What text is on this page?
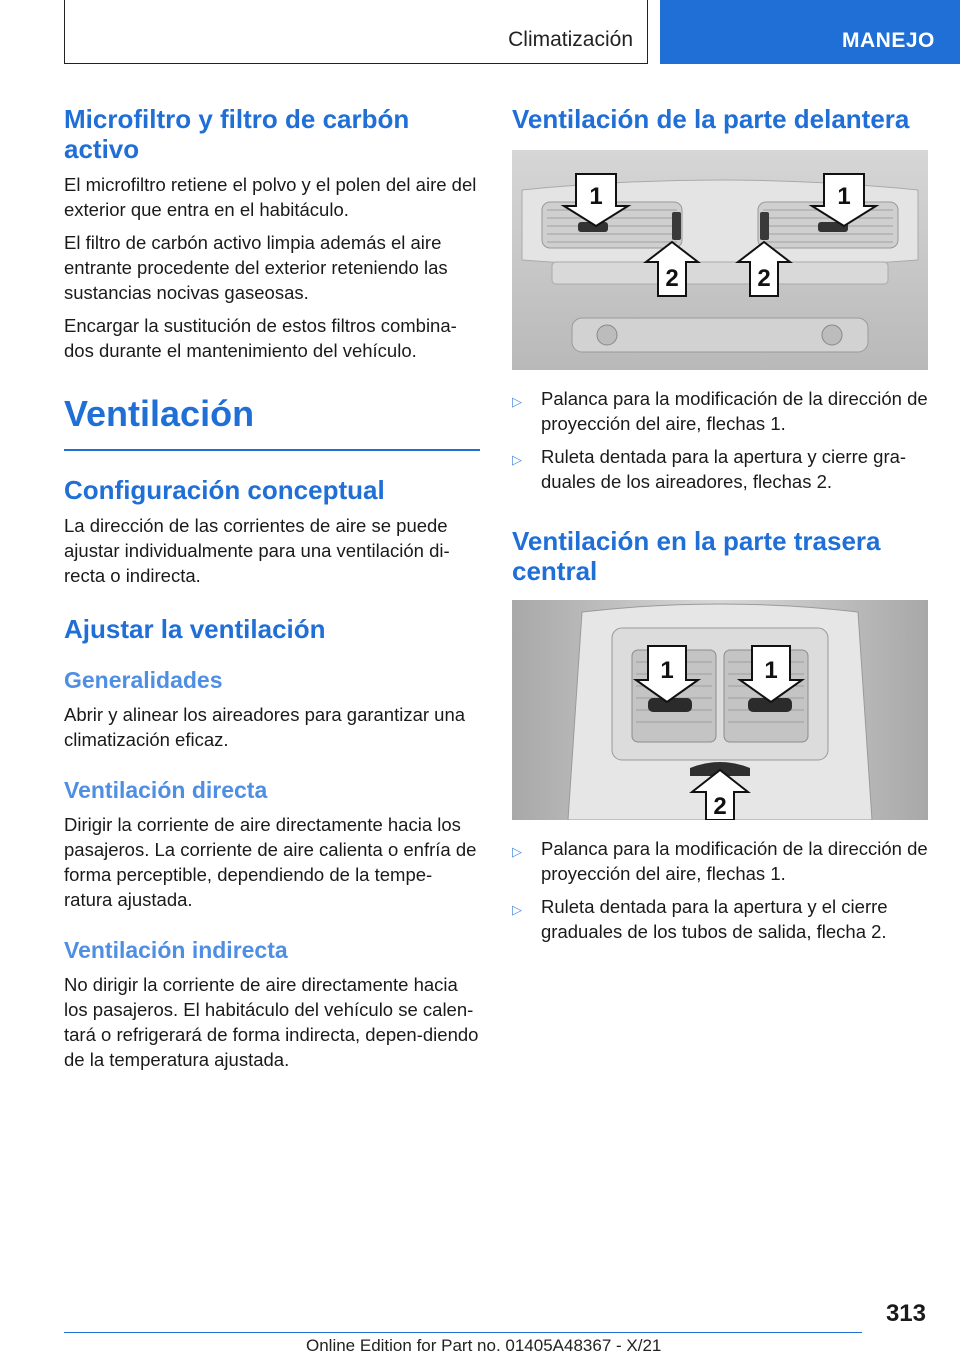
Climatización	MANEJO
Microfiltro y filtro de carbón activo

El microfiltro retiene el polvo y el polen del aire del exterior que entra en el habitáculo.

El filtro de carbón activo limpia además el aire entrante procedente del exterior reteniendo las sustancias nocivas gaseosas.

Encargar la sustitución de estos filtros combina-dos durante el mantenimiento del vehículo.

Ventilación
Configuración conceptual

La dirección de las corrientes de aire se puede ajustar individualmente para una ventilación di-recta o indirecta.

Ajustar la ventilación
Generalidades

Abrir y alinear los aireadores para garantizar una climatización eficaz.

Ventilación directa

Dirigir la corriente de aire directamente hacia los pasajeros. La corriente de aire calienta o enfría de forma perceptible, dependiendo de la tempe-ratura ajustada.

Ventilación indirecta

No dirigir la corriente de aire directamente hacia los pasajeros. El habitáculo del vehículo se calen-tará o refrigerará de forma indirecta, depen-diendo de la temperatura ajustada.

Ventilación de la parte delantera
1	1
2	2
▷ Palanca para la modificación de la dirección de proyección del aire, flechas 1.
▷ Ruleta dentada para la apertura y cierre gra-duales de los aireadores, flechas 2.
Ventilación en la parte trasera central
1	1
2
▷ Palanca para la modificación de la dirección de proyección del aire, flechas 1.
▷ Ruleta dentada para la apertura y el cierre graduales de los tubos de salida, flecha 2.
313
Online Edition for Part no. 01405A48367 - X/21
